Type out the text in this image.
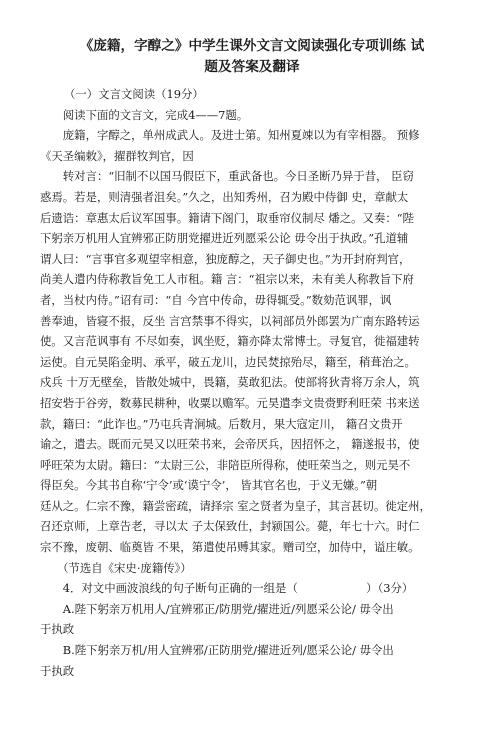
《庞籍，字醇之》中学生课外文言文阅读强化专项训练 试
题及答案及翻译
（一）文言文阅读（19分）
　　阅读下面的文言文，完成4——7题。
　　庞籍，字醇之，单州成武人。及进士第。知州夏竦以为有宰相器。 预修
《天圣编敕》，擢群牧判官，因
　　转对言：“旧制不以国马假臣下，重武备也。今日圣断乃异于昔， 臣窃
惑焉。若是，则清强者沮矣。”久之，出知秀州，召为殿中侍御 史，章献太
后遗诰：章惠太后议军国事。籍请下阁门，取垂帘仪制尽 燔之。又奏：“陛
下躬亲万机用人宜辨邪正防朋党擢进近列愿采公论 毋令出于执政。”孔道辅
谓人曰：“言事官多观望宰相意，独庞醇之，天子御史也。”为开封府判官，
尚美人遣内侍称教旨免工人市租。籍 言：“祖宗以来，未有美人称教旨下府
者，当杖内侍。”诏有司：“自 今宫中传命，毋得辄受。”数劾范讽罪，讽
善奉迪，皆寝不报，反坐 言宫禁事不得实，以祠部员外郎罢为广南东路转运
使。又言范讽事有 不尽如奏，讽坐贬，籍亦降太常博士。寻复官，徙福建转
运使。自元昊陷金明、承平，破五龙川，边民焚掠殆尽，籍至，稍葺治之。
戍兵 十万无壁垒，皆散处城中，畏籍，莫敢犯法。使部将狄青将万余人，筑
招安砦于谷旁，数募民耕种，收粟以赡军。元昊遣李文贵赍野利旺荣 书来送
款，籍曰：“此诈也。”乃屯兵青涧城。后数月，果大寇定川， 籍召文贵开
谕之，遣去。既而元昊又以旺荣书来，会帝厌兵，因招怀之， 籍遂报书，使
呼旺荣为太尉。籍曰：“太尉三公，非陪臣所得称，使旺荣当之，则元昊不
得臣矣。今其书自称‘宁令’或‘谟宁令’， 皆其官名也，于义无嫌。”朝
廷从之。仁宗不豫，籍尝密疏，请择宗 室之贤者为皇子，其言甚切。徙定州，
召还京师，上章告老，寻以太 子太保致仕，封颍国公。薨，年七十六。时仁
宗不豫，废朝、临奠皆 不果，第遣使吊赙其家。赠司空，加侍中，谥庄敏。
　　（节选自《宋史·庞籍传》）
　　4．对文中画波浪线的句子断句正确的一组是（　　　　　　）（3分）
　　A.陛下躬亲万机用人/宜辨邪正/防朋党/擢进近/列愿采公论/ 毋令出
于执政
　　B.陛下躬亲万机/用人宜辨邪/正防朋党/擢进近列/愿采公论/ 毋令出
于执政
